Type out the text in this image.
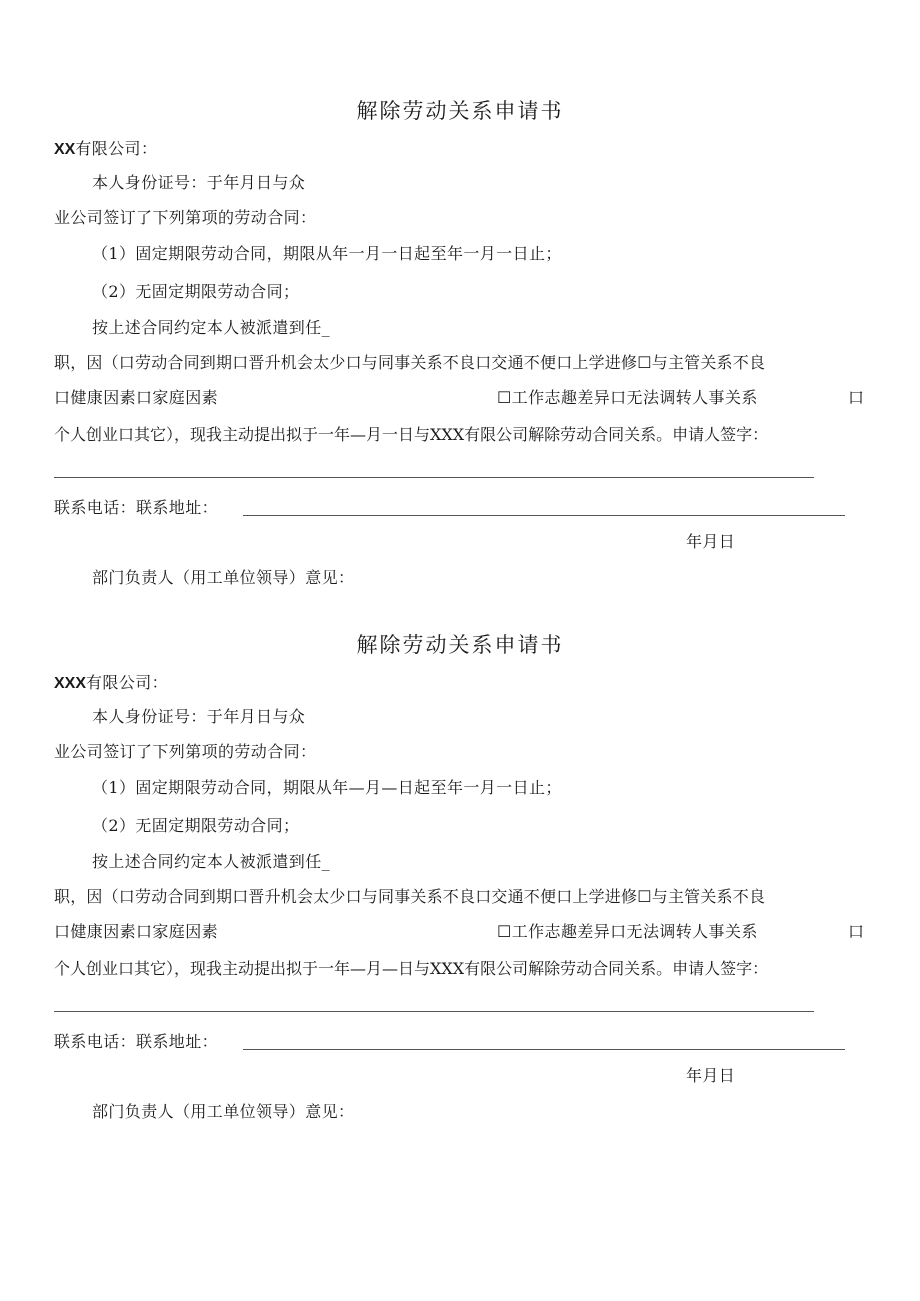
解除劳动关系申请书
XX有限公司：
本人身份证号：于年月日与众
业公司签订了下列第项的劳动合同：
（1）固定期限劳动合同，期限从年一月一日起至年一月一日止；
（2）无固定期限劳动合同；
按上述合同约定本人被派遣到任_
职，因（口劳动合同到期口晋升机会太少口与同事关系不良口交通不便口上学进修☐与主管关系不良
口健康因素口家庭因素	☐工作志趣差异口无法调转人事关系	口
个人创业口其它），现我主动提出拟于一年—月一日与XXX有限公司解除劳动合同关系。申请人签字：
联系电话：联系地址：
年月日
部门负责人（用工单位领导）意见：
解除劳动关系申请书
XXX有限公司：
本人身份证号：于年月日与众
业公司签订了下列第项的劳动合同：
（1）固定期限劳动合同，期限从年—月—日起至年一月一日止；
（2）无固定期限劳动合同；
按上述合同约定本人被派遣到任_
职，因（口劳动合同到期口晋升机会太少口与同事关系不良口交通不便口上学进修☐与主管关系不良
口健康因素口家庭因素	☐工作志趣差异口无法调转人事关系	口
个人创业口其它），现我主动提出拟于一年—月—日与XXX有限公司解除劳动合同关系。申请人签字：
联系电话：联系地址：
年月日
部门负责人（用工单位领导）意见：
